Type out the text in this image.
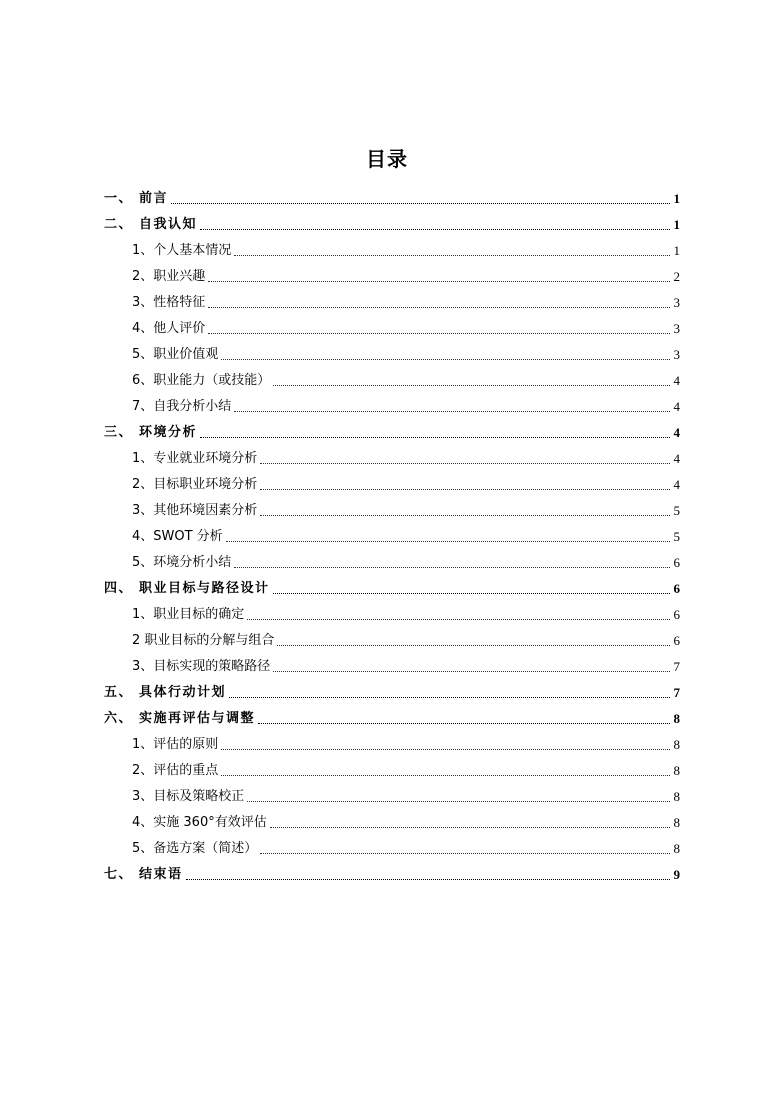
目录
一、 前言	1
二、 自我认知	1
1、个人基本情况	1
2、职业兴趣	2
3、性格特征	3
4、他人评价	3
5、职业价值观	3
6、职业能力（或技能）	4
7、自我分析小结	4
三、 环境分析	4
1、专业就业环境分析	4
2、目标职业环境分析	4
3、其他环境因素分析	5
4、SWOT 分析	5
5、环境分析小结	6
四、 职业目标与路径设计	6
1、职业目标的确定	6
2 职业目标的分解与组合	6
3、目标实现的策略路径	7
五、 具体行动计划	7
六、 实施再评估与调整	8
1、评估的原则	8
2、评估的重点	8
3、目标及策略校正	8
4、实施 360°有效评估	8
5、备选方案（简述）	8
七、 结束语	9
